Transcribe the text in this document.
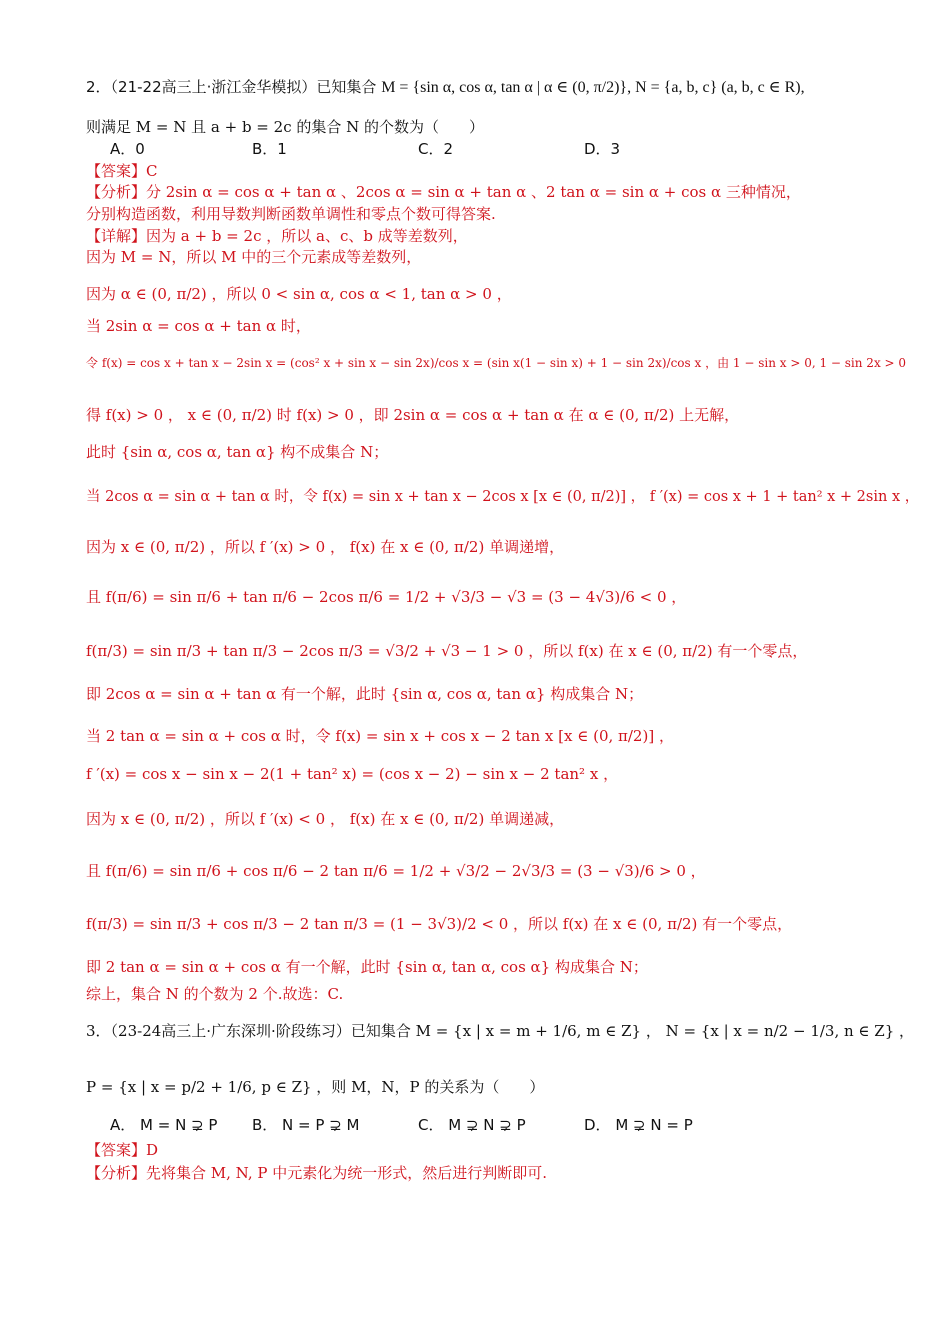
2．（21-22高三上·浙江金华模拟）已知集合 M = {sin α, cos α, tan α | α ∈ (0, π/2)}, N = {a, b, c} (a, b, c ∈ R),
则满足 M = N 且 a + b = 2c 的集合 N 的个数为（　　）
A．0	B．1	C．2	D．3
【答案】C
【分析】分 2sin α = cos α + tan α 、2cos α = sin α + tan α 、2 tan α = sin α + cos α 三种情况，
分别构造函数，利用导数判断函数单调性和零点个数可得答案.
【详解】因为 a + b = 2c ，所以 a、c、b 成等差数列，
因为 M = N，所以 M 中的三个元素成等差数列，
因为 α ∈ (0, π/2) ，所以 0 < sin α, cos α < 1, tan α > 0 ，
当 2sin α = cos α + tan α 时，
令 f(x) = cos x + tan x − 2sin x = (cos² x + sin x − sin 2x)/cos x = (sin x(1 − sin x) + 1 − sin 2x)/cos x ，由 1 − sin x > 0, 1 − sin 2x > 0
得 f(x) > 0 ， x ∈ (0, π/2) 时 f(x) > 0 ，即 2sin α = cos α + tan α 在 α ∈ (0, π/2) 上无解，
此时 {sin α, cos α, tan α} 构不成集合 N；
当 2cos α = sin α + tan α 时，令 f(x) = sin x + tan x − 2cos x [x ∈ (0, π/2)] ， f ′(x) = cos x + 1 + tan² x + 2sin x ，
因为 x ∈ (0, π/2) ，所以 f ′(x) > 0 ， f(x) 在 x ∈ (0, π/2) 单调递增，
且 f(π/6) = sin π/6 + tan π/6 − 2cos π/6 = 1/2 + √3/3 − √3 = (3 − 4√3)/6 < 0 ，
f(π/3) = sin π/3 + tan π/3 − 2cos π/3 = √3/2 + √3 − 1 > 0 ，所以 f(x) 在 x ∈ (0, π/2) 有一个零点，
即 2cos α = sin α + tan α 有一个解，此时 {sin α, cos α, tan α} 构成集合 N；
当 2 tan α = sin α + cos α 时，令 f(x) = sin x + cos x − 2 tan x [x ∈ (0, π/2)] ，
f ′(x) = cos x − sin x − 2(1 + tan² x) = (cos x − 2) − sin x − 2 tan² x ，
因为 x ∈ (0, π/2) ，所以 f ′(x) < 0 ， f(x) 在 x ∈ (0, π/2) 单调递减，
且 f(π/6) = sin π/6 + cos π/6 − 2 tan π/6 = 1/2 + √3/2 − 2√3/3 = (3 − √3)/6 > 0 ，
f(π/3) = sin π/3 + cos π/3 − 2 tan π/3 = (1 − 3√3)/2 < 0 ，所以 f(x) 在 x ∈ (0, π/2) 有一个零点，
即 2 tan α = sin α + cos α 有一个解，此时 {sin α, tan α, cos α} 构成集合 N；
综上，集合 N 的个数为 2 个.故选：C.
3．（23-24高三上·广东深圳·阶段练习）已知集合 M = {x | x = m + 1/6, m ∈ Z} ， N = {x | x = n/2 − 1/3, n ∈ Z} ，
P = {x | x = p/2 + 1/6, p ∈ Z} ，则 M，N，P 的关系为（　　）
A． M = N ⊋ P B． N = P ⊋ M	C． M ⊋ N ⊋ P	D． M ⊋ N = P
【答案】D
【分析】先将集合 M, N, P 中元素化为统一形式，然后进行判断即可.
